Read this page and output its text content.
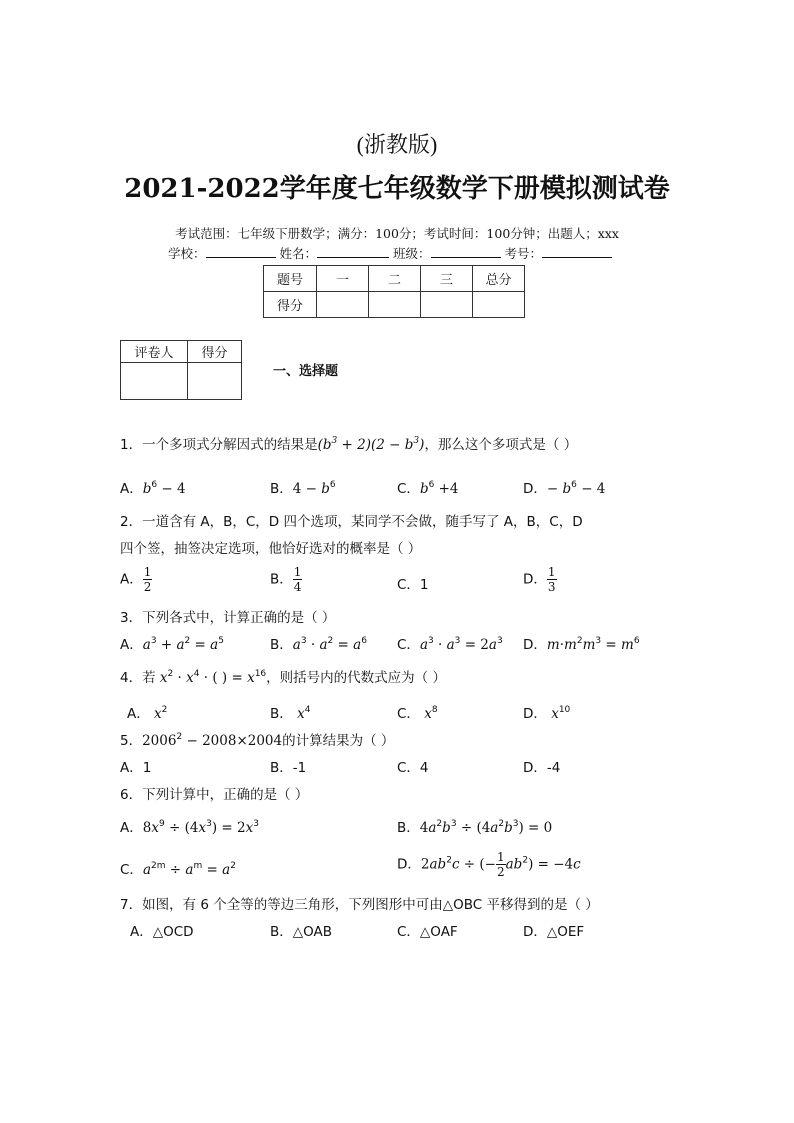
(浙教版)
2021-2022学年度七年级数学下册模拟测试卷
考试范围：七年级下册数学；满分：100分；考试时间：100分钟；出题人；xxx
学校：	姓名：	班级：	考号：
题号	一	二	三	总分
得分				
评卷人	得分

一、选择题
1．一个多项式分解因式的结果是$(b^3 + 2)(2 - b^3)$，那么这个多项式是（ ）
A．$b^6 - 4$	B．$4 - b^6$	C．$b^6 +4$	D．− $b^6 - 4$
2．一道含有 A，B，C，D 四个选项，某同学不会做，随手写了 A，B，C，D
四个签，抽签决定选项，他恰好选对的概率是（ ）
A． $\frac{1}{2}$	B． $\frac{1}{4}$	C．1	D． $\frac{1}{3}$
3．下列各式中，计算正确的是（ ）
A．$a^3 + a^2 = a^5$	B．$a^3 \cdot a^2 = a^6$ C．$a^3 \cdot a^3 = 2a^3$ D．$m\cdot m^2m^3 = m^6$
4．若 $x^2 \cdot x^4$ · ( ) = $x^{16}$，则括号内的代数式应为（ ）
A． $x^2$	B． $x^4$	C． $x^8$	D． $x^{10}$
5．$2006^2 - 2008\times 2004$的计算结果为（ ）
A．1	B．-1	C．4	D．-4
6．下列计算中，正确的是（ ）
A．$8x^9 \div (4x^3) = 2x^3$	B．$4a^2b^3 \div (4a^2b^3) = 0$
C．$a^{2m} \div a^m = a^2$	D．$2ab^2c$ ÷ (− $\frac{1}{2} ab^2) = -4c$
7．如图，有 6 个全等的等边三角形，下列图形中可由△OBC 平移得到的是（ ）
A．△OCD	B．△OAB	C．△OAF	D．△OEF
